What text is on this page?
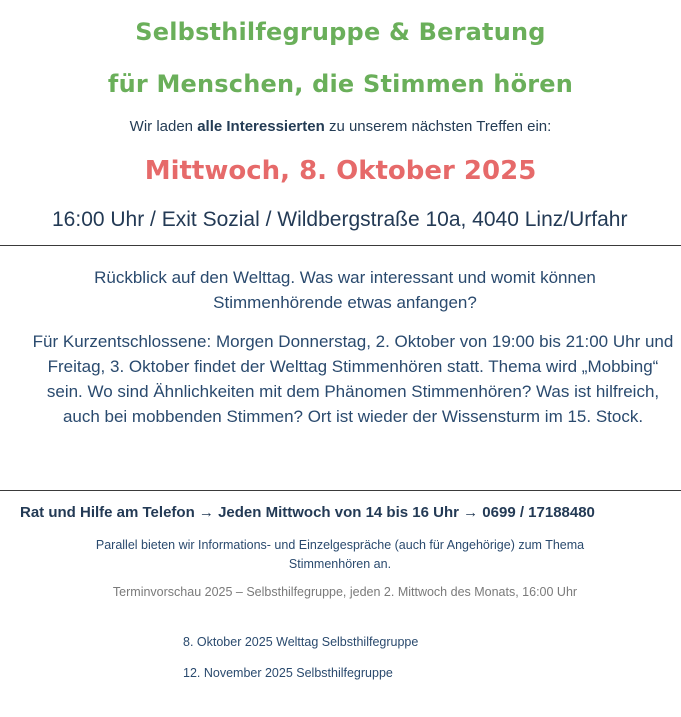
Selbsthilfegruppe & Beratung
für Menschen, die Stimmen hören
Wir laden alle Interessierten zu unserem nächsten Treffen ein:
Mittwoch, 8. Oktober 2025
16:00 Uhr / Exit Sozial / Wildbergstraße 10a, 4040 Linz/Urfahr
Rückblick auf den Welttag. Was war interessant und womit können Stimmenhörende etwas anfangen?
Für Kurzentschlossene: Morgen Donnerstag, 2. Oktober von 19:00 bis 21:00 Uhr und Freitag, 3. Oktober findet der Welttag Stimmenhören statt. Thema wird „Mobbing“ sein. Wo sind Ähnlichkeiten mit dem Phänomen Stimmenhören? Was ist hilfreich, auch bei mobbenden Stimmen? Ort ist wieder der Wissensturm im 15. Stock.
Rat und Hilfe am Telefon → Jeden Mittwoch von 14 bis 16 Uhr → 0699 / 17188480
Parallel bieten wir Informations- und Einzelgespräche (auch für Angehörige) zum Thema Stimmenhören an.
Terminvorschau 2025 – Selbsthilfegruppe, jeden 2. Mittwoch des Monats, 16:00 Uhr
8. Oktober 2025 Welttag Selbsthilfegruppe
12. November 2025 Selbsthilfegruppe
